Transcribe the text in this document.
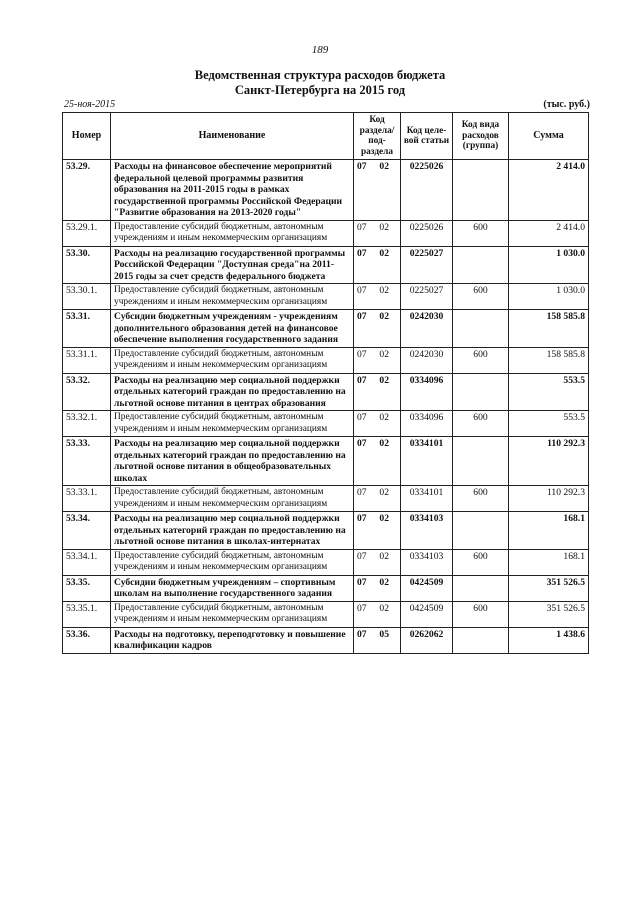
189
Ведомственная структура расходов бюджета
Санкт-Петербурга на 2015 год
25-ноя-2015	(тыс. руб.)
Номер	Наименование	Код раздела/ под- раздела	Код целе- вой статьи	Код вида расходов (группа)	Сумма
53.29.	Расходы на финансовое обеспечение мероприятий федеральной целевой программы развития образования на 2011-2015 годы в рамках государственной программы Российской Федерации "Развитие образования на 2013-2020 годы"	07 02	0225026		2 414.0
53.29.1.	Предоставление субсидий бюджетным, автономным учреждениям и иным некоммерческим организациям	07 02	0225026	600	2 414.0
53.30.	Расходы на реализацию государственной программы Российской Федерации "Доступная среда"на 2011-2015 годы за счет средств федерального бюджета	07 02	0225027		1 030.0
53.30.1.	Предоставление субсидий бюджетным, автономным учреждениям и иным некоммерческим организациям	07 02	0225027	600	1 030.0
53.31.	Субсидии бюджетным учреждениям - учреждениям дополнительного образования детей на финансовое обеспечение выполнения государственного задания	07 02	0242030		158 585.8
53.31.1.	Предоставление субсидий бюджетным, автономным учреждениям и иным некоммерческим организациям	07 02	0242030	600	158 585.8
53.32.	Расходы на реализацию мер социальной поддержки отдельных категорий граждан по предоставлению на льготной основе питания в центрах образования	07 02	0334096		553.5
53.32.1.	Предоставление субсидий бюджетным, автономным учреждениям и иным некоммерческим организациям	07 02	0334096	600	553.5
53.33.	Расходы на реализацию мер социальной поддержки отдельных категорий граждан по предоставлению на льготной основе питания в общеобразовательных школах	07 02	0334101		110 292.3
53.33.1.	Предоставление субсидий бюджетным, автономным учреждениям и иным некоммерческим организациям	07 02	0334101	600	110 292.3
53.34.	Расходы на реализацию мер социальной поддержки отдельных категорий граждан по предоставлению на льготной основе питания в школах-интернатах	07 02	0334103		168.1
53.34.1.	Предоставление субсидий бюджетным, автономным учреждениям и иным некоммерческим организациям	07 02	0334103	600	168.1
53.35.	Субсидии бюджетным учреждениям – спортивным школам на выполнение государственного задания	07 02	0424509		351 526.5
53.35.1.	Предоставление субсидий бюджетным, автономным учреждениям и иным некоммерческим организациям	07 02	0424509	600	351 526.5
53.36.	Расходы на подготовку, переподготовку и повышение квалификации кадров	07 05	0262062		1 438.6
